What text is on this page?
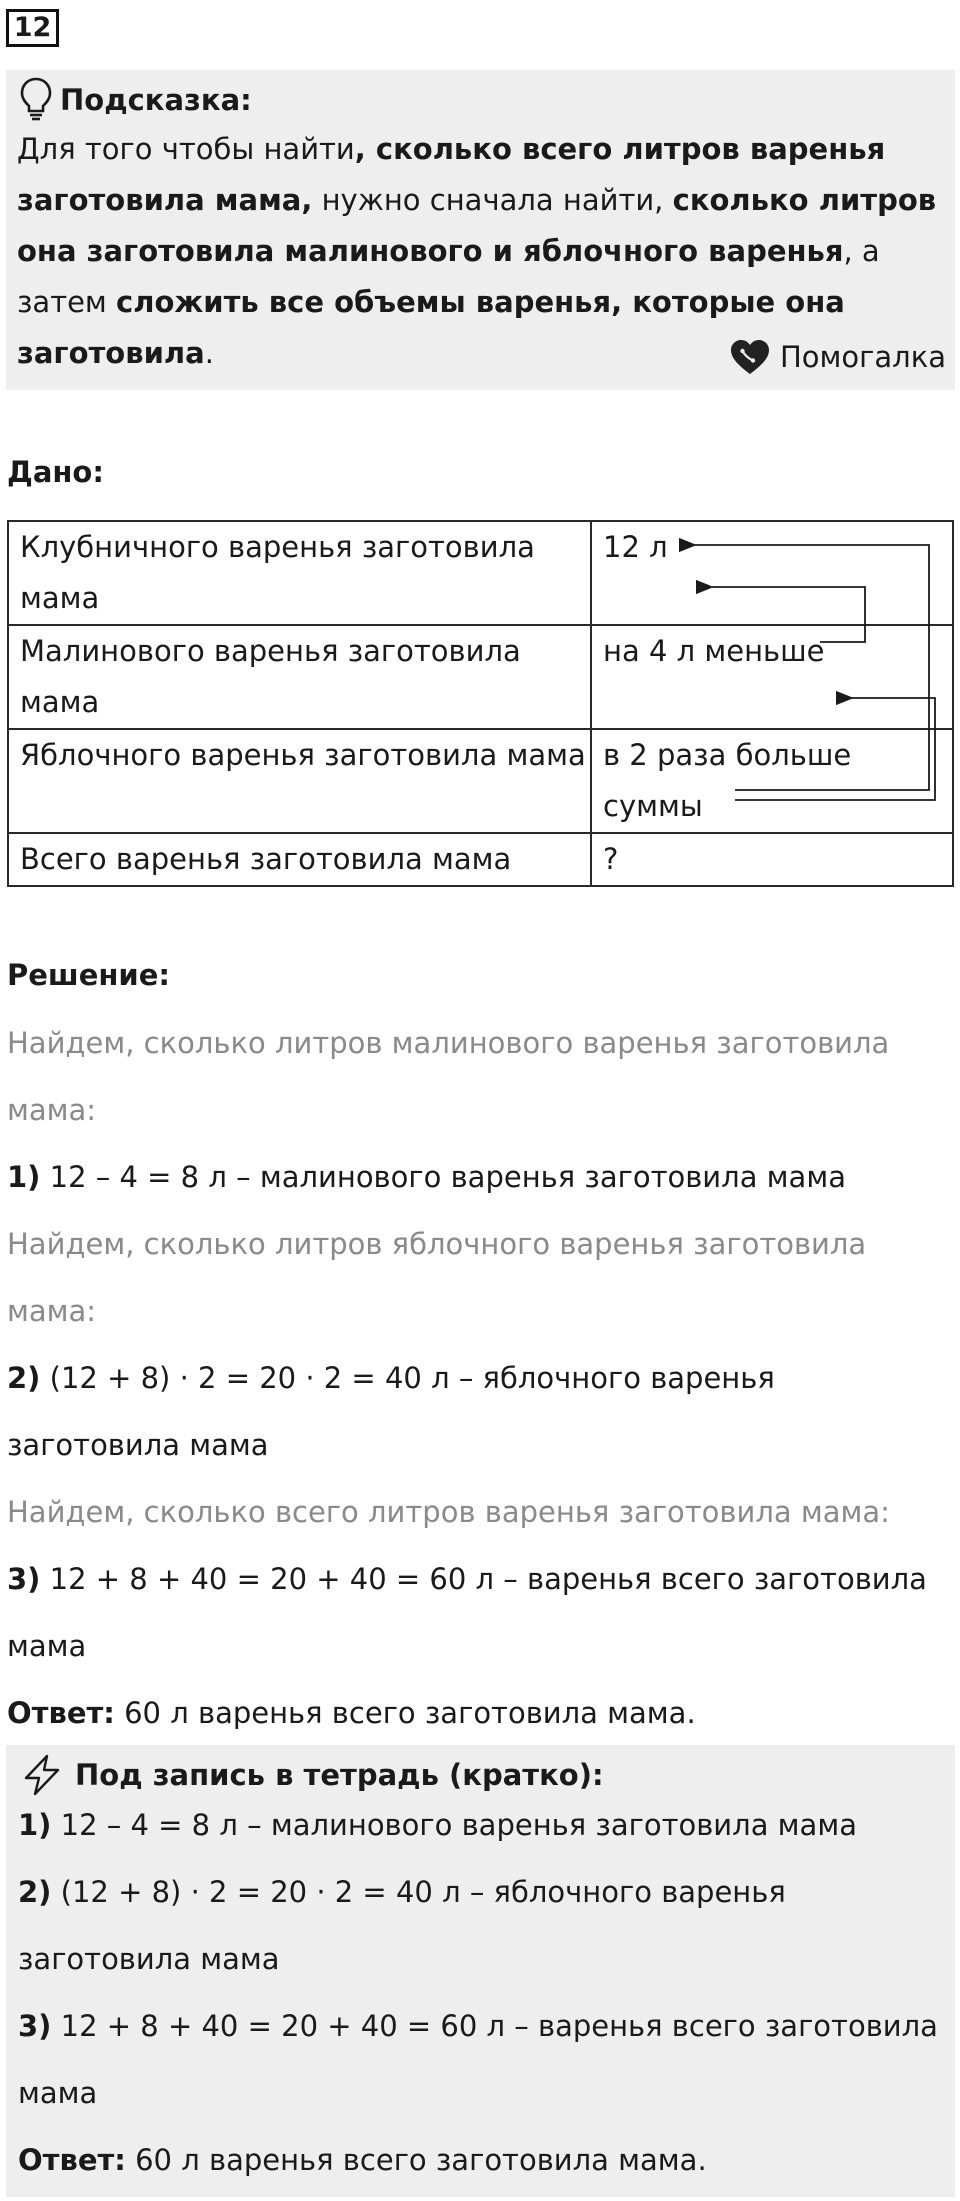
12
Подсказка:
Для того чтобы найти, сколько всего литров варенья заготовила мама, нужно сначала найти, сколько литров она заготовила малинового и яблочного варенья, а затем сложить все объемы варенья, которые она заготовила.	Помогалка
Дано:
Клубничного варенья заготовила мама	12 л
Малинового варенья заготовила мама	на 4 л меньше
Яблочного варенья заготовила мама	в 2 раза больше суммы
Всего варенья заготовила мама	?
Решение:
Найдем, сколько литров малинового варенья заготовила мама:
1) 12 – 4 = 8 л – малинового варенья заготовила мама
Найдем, сколько литров яблочного варенья заготовила мама:
2) (12 + 8) · 2 = 20 · 2 = 40 л – яблочного варенья заготовила мама
Найдем, сколько всего литров варенья заготовила мама:
3) 12 + 8 + 40 = 20 + 40 = 60 л – варенья всего заготовила мама
Ответ: 60 л варенья всего заготовила мама.
Под запись в тетрадь (кратко):
1) 12 – 4 = 8 л – малинового варенья заготовила мама
2) (12 + 8) · 2 = 20 · 2 = 40 л – яблочного варенья заготовила мама
3) 12 + 8 + 40 = 20 + 40 = 60 л – варенья всего заготовила мама
Ответ: 60 л варенья всего заготовила мама.
